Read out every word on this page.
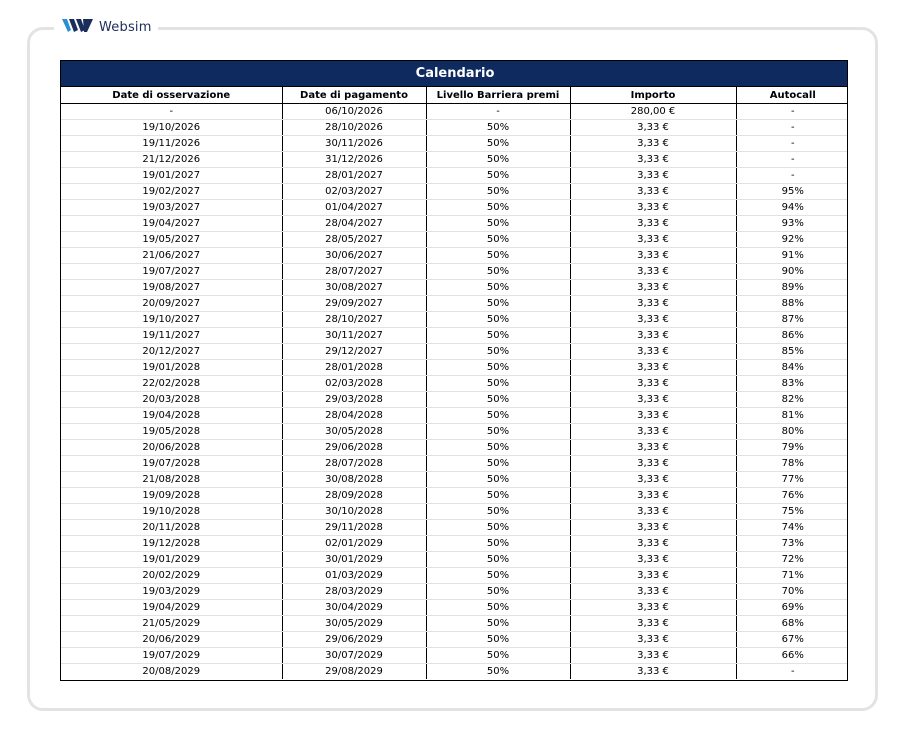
Websim
Calendario				
Date di osservazione	Date di pagamento	Livello Barriera premi	Importo	Autocall
-	06/10/2026	-	280,00 €	-
19/10/2026	28/10/2026	50%	3,33 €	-
19/11/2026	30/11/2026	50%	3,33 €	-
21/12/2026	31/12/2026	50%	3,33 €	-
19/01/2027	28/01/2027	50%	3,33 €	-
19/02/2027	02/03/2027	50%	3,33 €	95%
19/03/2027	01/04/2027	50%	3,33 €	94%
19/04/2027	28/04/2027	50%	3,33 €	93%
19/05/2027	28/05/2027	50%	3,33 €	92%
21/06/2027	30/06/2027	50%	3,33 €	91%
19/07/2027	28/07/2027	50%	3,33 €	90%
19/08/2027	30/08/2027	50%	3,33 €	89%
20/09/2027	29/09/2027	50%	3,33 €	88%
19/10/2027	28/10/2027	50%	3,33 €	87%
19/11/2027	30/11/2027	50%	3,33 €	86%
20/12/2027	29/12/2027	50%	3,33 €	85%
19/01/2028	28/01/2028	50%	3,33 €	84%
22/02/2028	02/03/2028	50%	3,33 €	83%
20/03/2028	29/03/2028	50%	3,33 €	82%
19/04/2028	28/04/2028	50%	3,33 €	81%
19/05/2028	30/05/2028	50%	3,33 €	80%
20/06/2028	29/06/2028	50%	3,33 €	79%
19/07/2028	28/07/2028	50%	3,33 €	78%
21/08/2028	30/08/2028	50%	3,33 €	77%
19/09/2028	28/09/2028	50%	3,33 €	76%
19/10/2028	30/10/2028	50%	3,33 €	75%
20/11/2028	29/11/2028	50%	3,33 €	74%
19/12/2028	02/01/2029	50%	3,33 €	73%
19/01/2029	30/01/2029	50%	3,33 €	72%
20/02/2029	01/03/2029	50%	3,33 €	71%
19/03/2029	28/03/2029	50%	3,33 €	70%
19/04/2029	30/04/2029	50%	3,33 €	69%
21/05/2029	30/05/2029	50%	3,33 €	68%
20/06/2029	29/06/2029	50%	3,33 €	67%
19/07/2029	30/07/2029	50%	3,33 €	66%
20/08/2029	29/08/2029	50%	3,33 €	-
